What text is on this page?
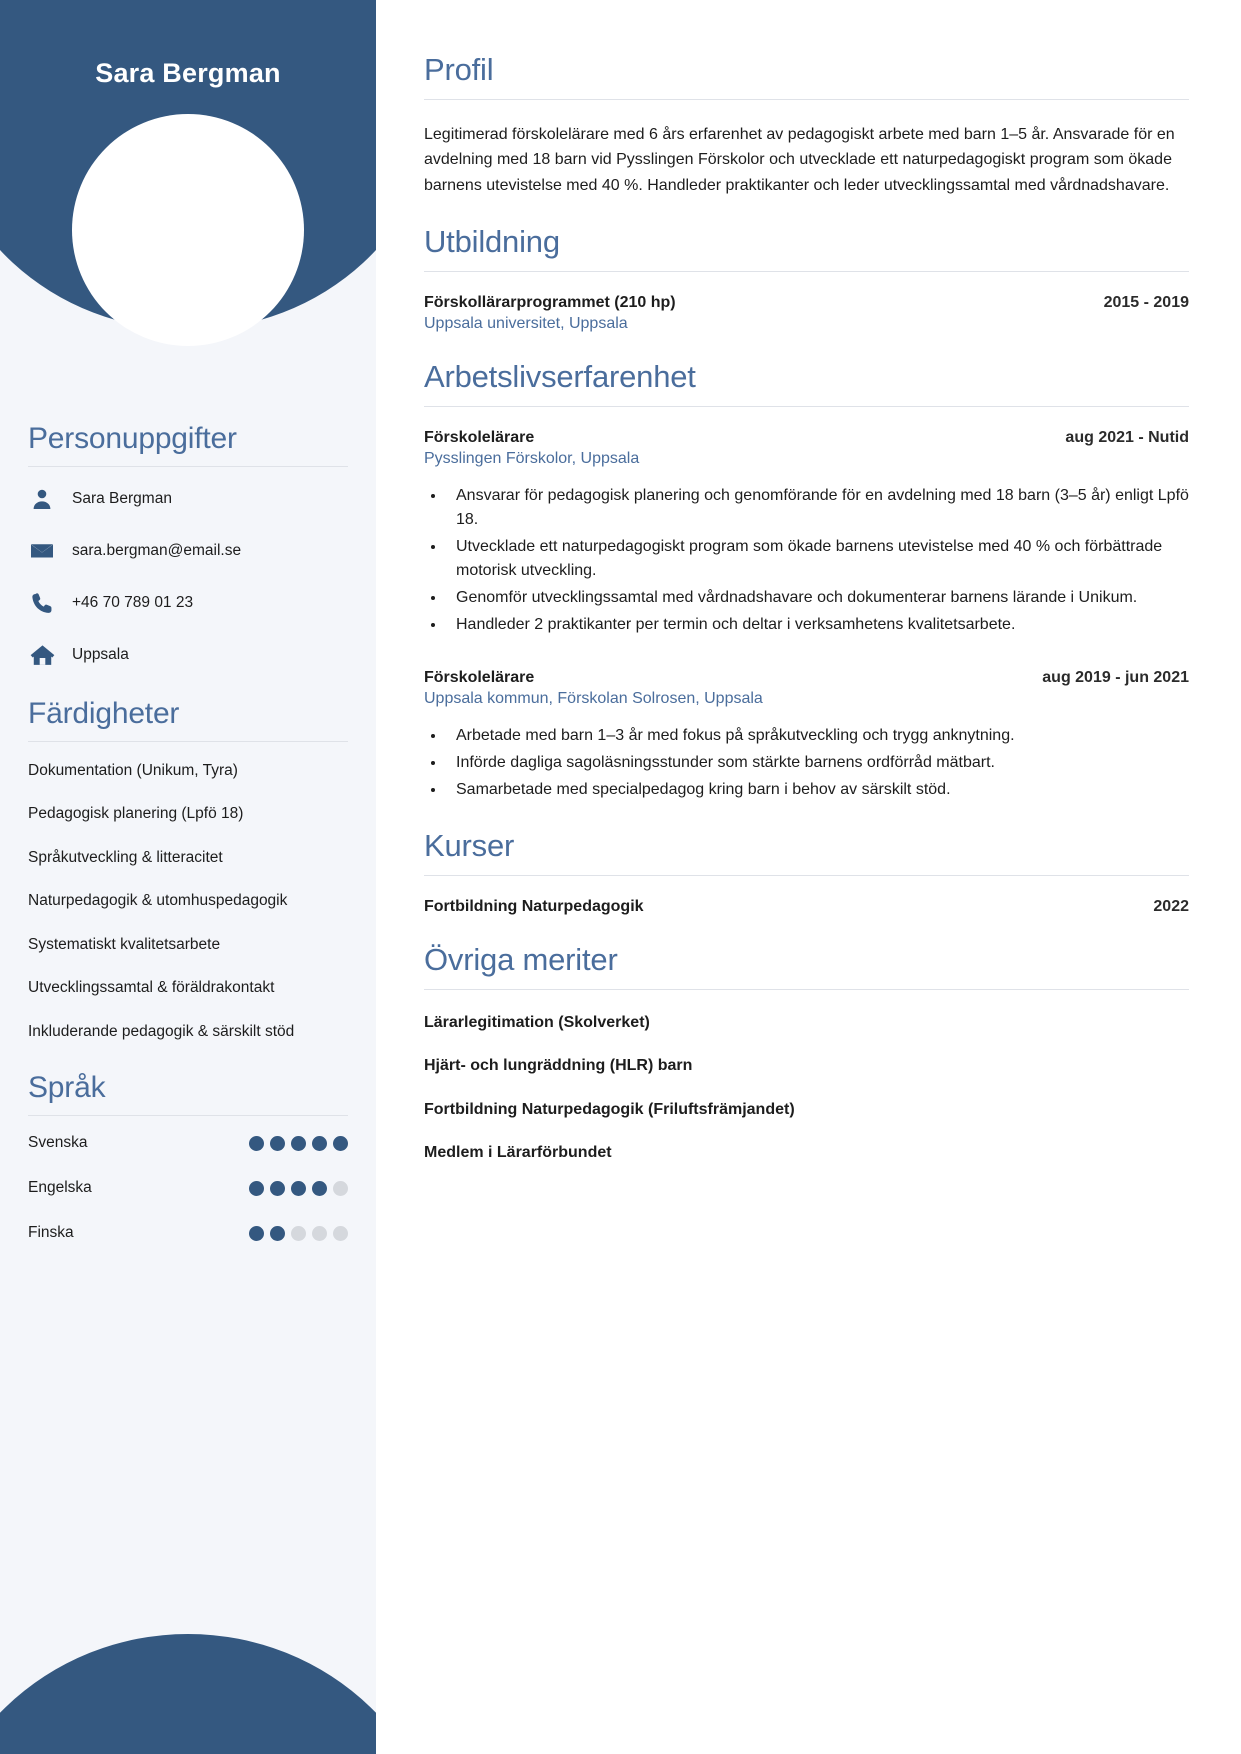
Sara Bergman
Personuppgifter
Sara Bergman
sara.bergman@email.se
+46 70 789 01 23
Uppsala
Färdigheter
Dokumentation (Unikum, Tyra)
Pedagogisk planering (Lpfö 18)
Språkutveckling & litteracitet
Naturpedagogik & utomhuspedagogik
Systematiskt kvalitetsarbete
Utvecklingssamtal & föräldrakontakt
Inkluderande pedagogik & särskilt stöd
Språk
Svenska
Engelska
Finska
Profil

Legitimerad förskolelärare med 6 års erfarenhet av pedagogiskt arbete med barn 1–5 år. Ansvarade för en avdelning med 18 barn vid Pysslingen Förskolor och utvecklade ett naturpedagogiskt program som ökade barnens utevistelse med 40 %. Handleder praktikanter och leder utvecklingssamtal med vårdnadshavare.

Utbildning
Förskollärarprogrammet (210 hp)	2015 - 2019
Uppsala universitet, Uppsala
Arbetslivserfarenhet
Förskolelärare	aug 2021 - Nutid
Pysslingen Förskolor, Uppsala
• Ansvarar för pedagogisk planering och genomförande för en avdelning med 18 barn (3–5 år) enligt Lpfö 18.
• Utvecklade ett naturpedagogiskt program som ökade barnens utevistelse med 40 % och förbättrade motorisk utveckling.
• Genomför utvecklingssamtal med vårdnadshavare och dokumenterar barnens lärande i Unikum.
• Handleder 2 praktikanter per termin och deltar i verksamhetens kvalitetsarbete.
Förskolelärare	aug 2019 - jun 2021
Uppsala kommun, Förskolan Solrosen, Uppsala
• Arbetade med barn 1–3 år med fokus på språkutveckling och trygg anknytning.
• Införde dagliga sagoläsningsstunder som stärkte barnens ordförråd mätbart.
• Samarbetade med specialpedagog kring barn i behov av särskilt stöd.
Kurser
Fortbildning Naturpedagogik	2022
Övriga meriter
Lärarlegitimation (Skolverket)
Hjärt- och lungräddning (HLR) barn
Fortbildning Naturpedagogik (Friluftsfrämjandet)
Medlem i Lärarförbundet
